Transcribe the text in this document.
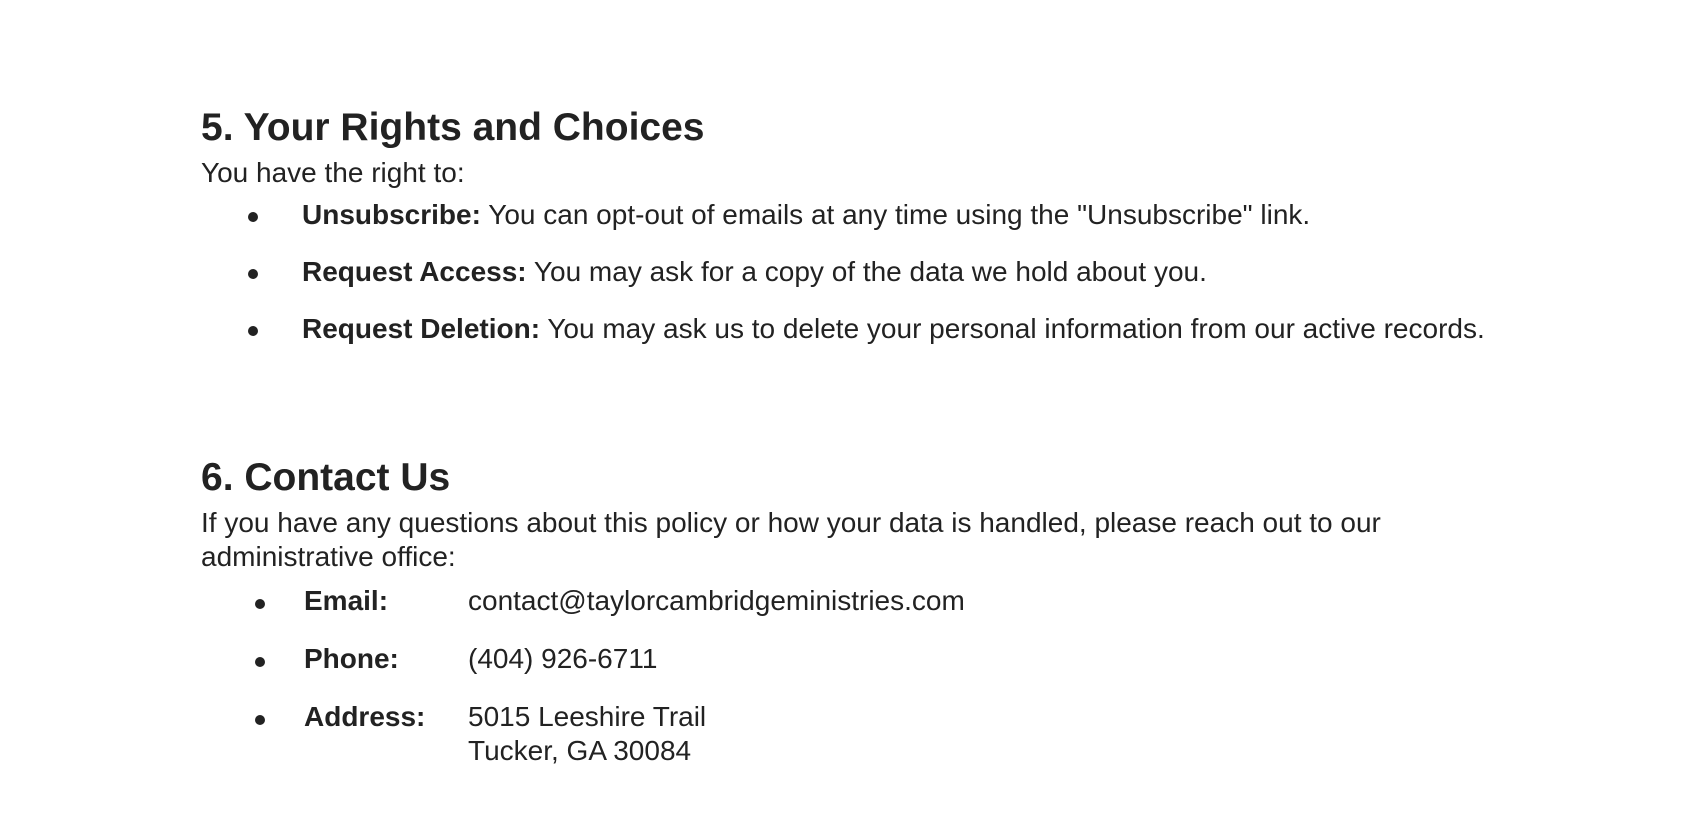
5. Your Rights and Choices

You have the right to:

Unsubscribe: You can opt-out of emails at any time using the "Unsubscribe" link.
Request Access: You may ask for a copy of the data we hold about you.
Request Deletion: You may ask us to delete your personal information from our active records.
6. Contact Us

If you have any questions about this policy or how your data is handled, please reach out to our administrative office:

Email:	contact@taylorcambridgeministries.com
Phone:	(404) 926-6711
Address:	5015 Leeshire Trail
Tucker, GA 30084
